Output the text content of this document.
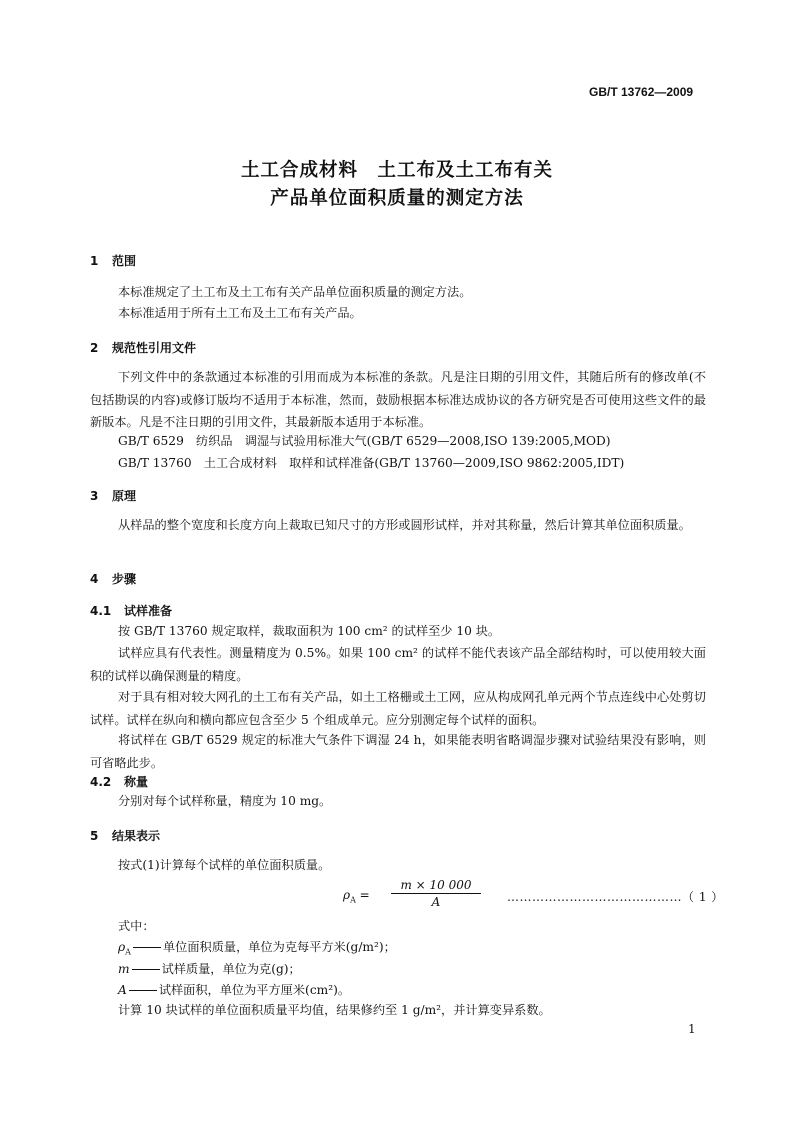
GB/T 13762—2009
土工合成材料　土工布及土工布有关
产品单位面积质量的测定方法
1 范围
本标准规定了土工布及土工布有关产品单位面积质量的测定方法。
本标准适用于所有土工布及土工布有关产品。
2 规范性引用文件
下列文件中的条款通过本标准的引用而成为本标准的条款。凡是注日期的引用文件，其随后所有的修改单(不包括勘误的内容)或修订版均不适用于本标准，然而，鼓励根据本标准达成协议的各方研究是否可使用这些文件的最新版本。凡是不注日期的引用文件，其最新版本适用于本标准。
GB/T 6529　纺织品　调湿与试验用标准大气(GB/T 6529—2008,ISO 139:2005,MOD)
GB/T 13760　土工合成材料　取样和试样准备(GB/T 13760—2009,ISO 9862:2005,IDT)
3 原理
从样品的整个宽度和长度方向上裁取已知尺寸的方形或圆形试样，并对其称量，然后计算其单位面积质量。
4 步骤
4.1 试样准备
按 GB/T 13760 规定取样，裁取面积为 100 cm² 的试样至少 10 块。
试样应具有代表性。测量精度为 0.5%。如果 100 cm² 的试样不能代表该产品全部结构时，可以使用较大面积的试样以确保测量的精度。
对于具有相对较大网孔的土工布有关产品，如土工格栅或土工网，应从构成网孔单元两个节点连线中心处剪切试样。试样在纵向和横向都应包含至少 5 个组成单元。应分别测定每个试样的面积。
将试样在 GB/T 6529 规定的标准大气条件下调湿 24 h，如果能表明省略调湿步骤对试验结果没有影响，则可省略此步。
4.2 称量
分别对每个试样称量，精度为 10 mg。
5 结果表示
按式(1)计算每个试样的单位面积质量。
$\rho_A = \frac{m \times 10 000}{A}$ ……………………………………（ 1 ）
式中：
$\rho_A$	单位面积质量，单位为克每平方米(g/m²)；
m	试样质量，单位为克(g)；
A	试样面积，单位为平方厘米(cm²)。
计算 10 块试样的单位面积质量平均值，结果修约至 1 g/m²，并计算变异系数。
1
